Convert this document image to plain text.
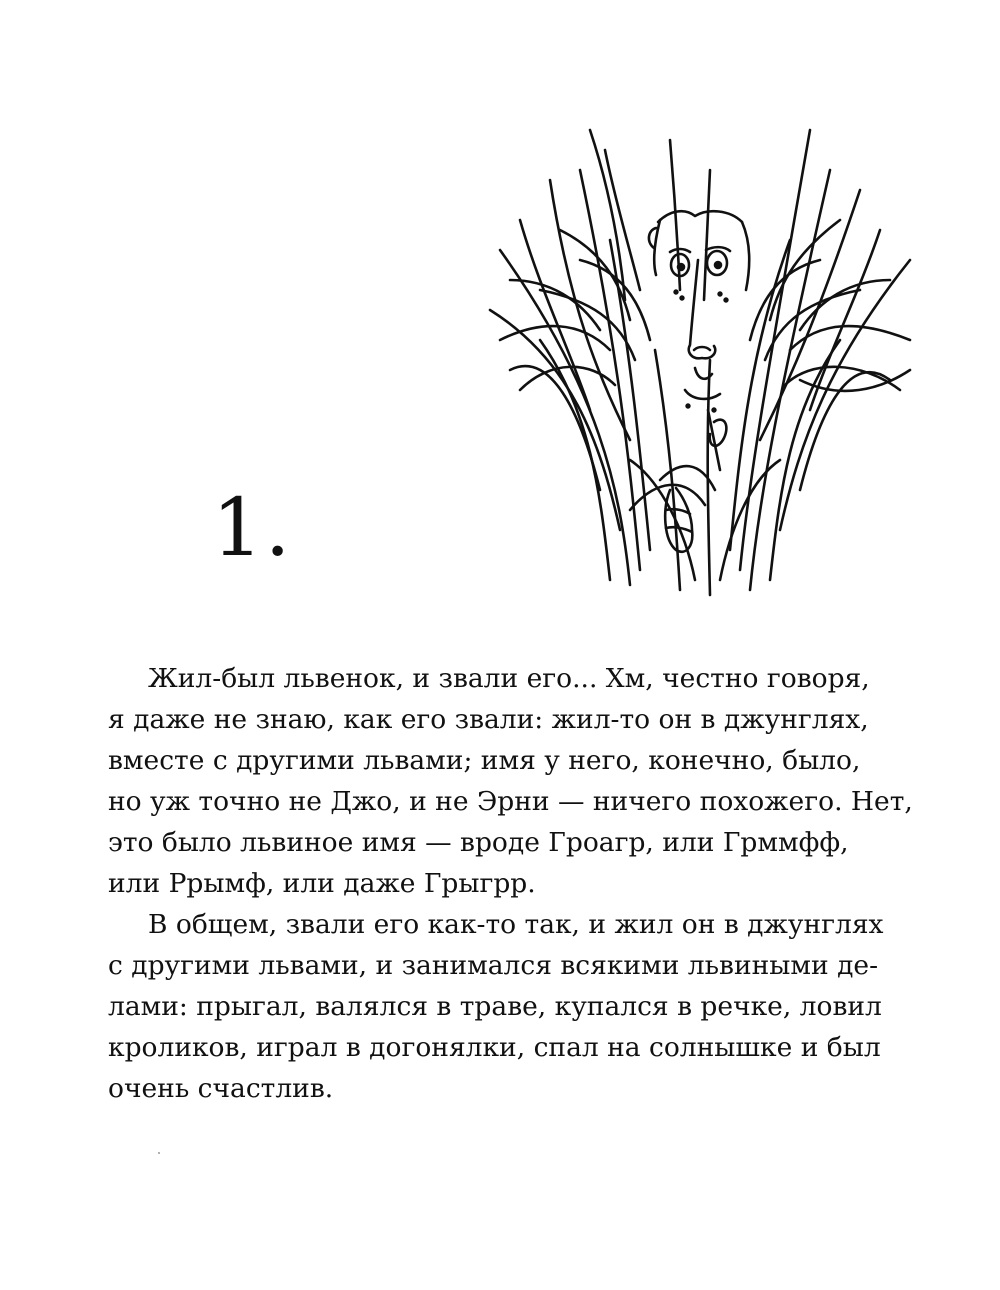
1.
Жил-был львенок, и звали его... Хм, честно говоря,
я даже не знаю, как его звали: жил-то он в джунглях,
вместе с другими львами; имя у него, конечно, было,
но уж точно не Джо, и не Эрни — ничего похожего. Нет,
это было львиное имя — вроде Гроагр, или Грммфф,
или Ррымф, или даже Грыгрр.
В общем, звали его как-то так, и жил он в джунглях
с другими львами, и занимался всякими львиными де-
лами: прыгал, валялся в траве, купался в речке, ловил
кроликов, играл в догонялки, спал на солнышке и был
очень счастлив.
